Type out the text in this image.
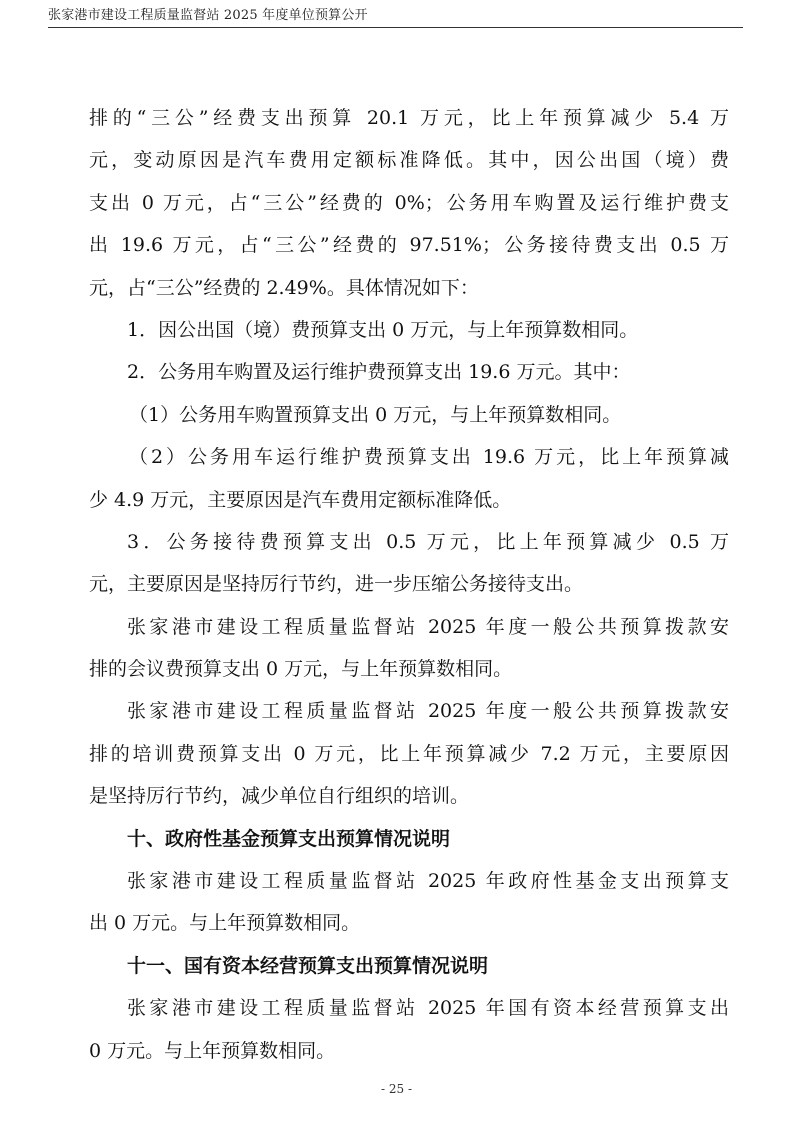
张家港市建设工程质量监督站 2025 年度单位预算公开
排的“三公”经费支出预算 20.1 万元，比上年预算减少 5.4 万
元，变动原因是汽车费用定额标准降低。其中，因公出国（境）费
支出 0 万元，占“三公”经费的 0%；公务用车购置及运行维护费支
出 19.6 万元，占“三公”经费的 97.51%；公务接待费支出 0.5 万
元，占“三公”经费的 2.49%。具体情况如下：
1．因公出国（境）费预算支出 0 万元，与上年预算数相同。
2．公务用车购置及运行维护费预算支出 19.6 万元。其中：
（1）公务用车购置预算支出 0 万元，与上年预算数相同。
（2）公务用车运行维护费预算支出 19.6 万元，比上年预算减
少 4.9 万元，主要原因是汽车费用定额标准降低。
3．公务接待费预算支出 0.5 万元，比上年预算减少 0.5 万
元，主要原因是坚持厉行节约，进一步压缩公务接待支出。
张家港市建设工程质量监督站 2025 年度一般公共预算拨款安
排的会议费预算支出 0 万元，与上年预算数相同。
张家港市建设工程质量监督站 2025 年度一般公共预算拨款安
排的培训费预算支出 0 万元，比上年预算减少 7.2 万元，主要原因
是坚持厉行节约，减少单位自行组织的培训。
十、政府性基金预算支出预算情况说明
张家港市建设工程质量监督站 2025 年政府性基金支出预算支
出 0 万元。与上年预算数相同。
十一、国有资本经营预算支出预算情况说明
张家港市建设工程质量监督站 2025 年国有资本经营预算支出
0 万元。与上年预算数相同。
- 25 -
